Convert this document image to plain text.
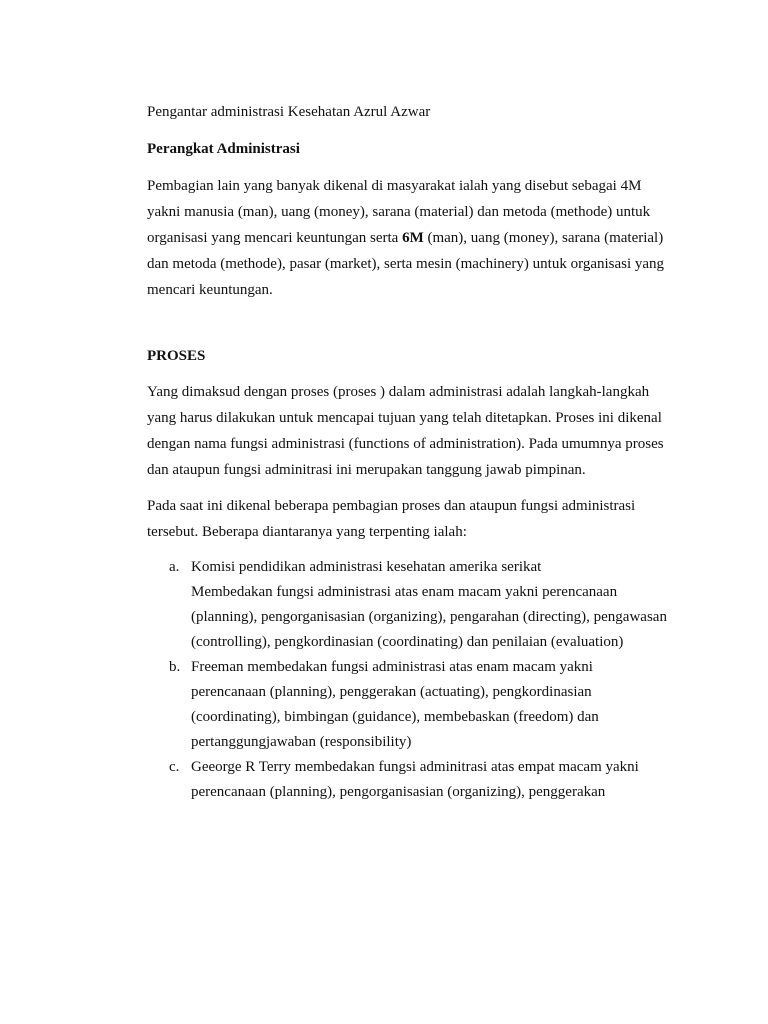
Pengantar administrasi Kesehatan Azrul Azwar

Perangkat Administrasi

Pembagian lain yang banyak dikenal di masyarakat ialah yang disebut sebagai 4M yakni manusia (man), uang (money), sarana (material) dan metoda (methode) untuk organisasi yang mencari keuntungan serta 6M (man), uang (money), sarana (material) dan metoda (methode), pasar (market), serta mesin (machinery) untuk organisasi yang mencari keuntungan.

PROSES

Yang dimaksud dengan proses (proses ) dalam administrasi adalah langkah-langkah yang harus dilakukan untuk mencapai tujuan yang telah ditetapkan. Proses ini dikenal dengan nama fungsi administrasi (functions of administration). Pada umumnya proses dan ataupun fungsi adminitrasi ini merupakan tanggung jawab pimpinan.

Pada saat ini dikenal beberapa pembagian proses dan ataupun fungsi administrasi tersebut. Beberapa diantaranya yang terpenting ialah:

a. Komisi pendidikan administrasi kesehatan amerika serikat
Membedakan fungsi administrasi atas enam macam yakni perencanaan (planning), pengorganisasian (organizing), pengarahan (directing), pengawasan (controlling), pengkordinasian (coordinating) dan penilaian (evaluation)
b. Freeman membedakan fungsi administrasi atas enam macam yakni perencanaan (planning), penggerakan (actuating), pengkordinasian (coordinating), bimbingan (guidance), membebaskan (freedom) dan pertanggungjawaban (responsibility)
c. Geeorge R Terry membedakan fungsi adminitrasi atas empat macam yakni perencanaan (planning), pengorganisasian (organizing), penggerakan
